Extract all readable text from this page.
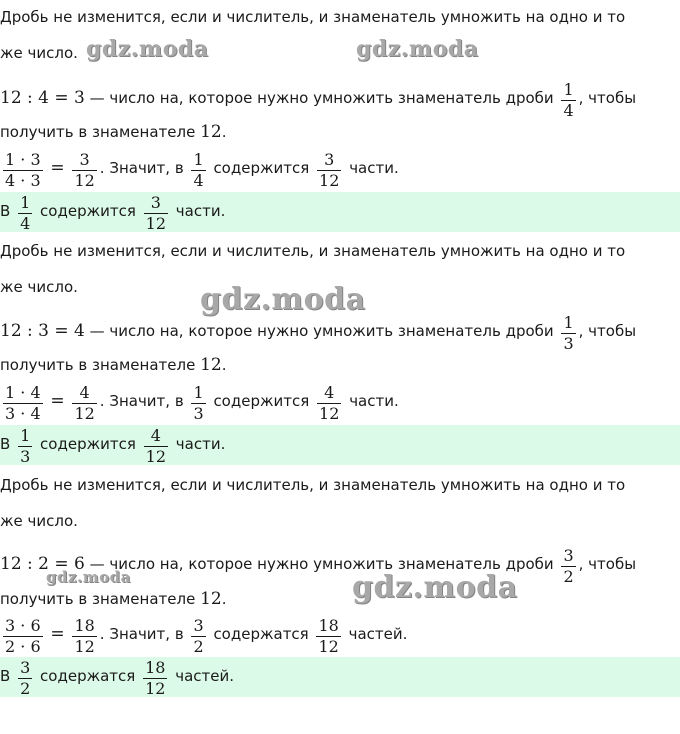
Дробь не изменится, если и числитель, и знаменатель умножить на одно и то
же число.
12 : 4 = 3 — число на, которое нужно умножить знаменатель дроби $\frac{1}{4}$ , чтобы
получить в знаменателе 12.
$\frac{1 \cdot 3}{4 \cdot 3} = \frac{3}{12}$ . Значит, в $\frac{1}{4}$ содержится $\frac{3}{12}$ части.
В $\frac{1}{4}$ содержится $\frac{3}{12}$ части.
Дробь не изменится, если и числитель, и знаменатель умножить на одно и то
же число.
12 : 3 = 4 — число на, которое нужно умножить знаменатель дроби $\frac{1}{3}$ , чтобы
получить в знаменателе 12.
$\frac{1 \cdot 4}{3 \cdot 4} = \frac{4}{12}$ . Значит, в $\frac{1}{3}$ содержится $\frac{4}{12}$ части.
В $\frac{1}{3}$ содержится $\frac{4}{12}$ части.
Дробь не изменится, если и числитель, и знаменатель умножить на одно и то
же число.
12 : 2 = 6 — число на, которое нужно умножить знаменатель дроби $\frac{3}{2}$ , чтобы
получить в знаменателе 12.
$\frac{3 \cdot 6}{2 \cdot 6} = \frac{18}{12}$ . Значит, в $\frac{3}{2}$ содержатся $\frac{18}{12}$ частей.
В $\frac{3}{2}$ содержатся $\frac{18}{12}$ частей.
gdz.moda	gdz.moda
gdz.moda
gdz.moda	gdz.moda
